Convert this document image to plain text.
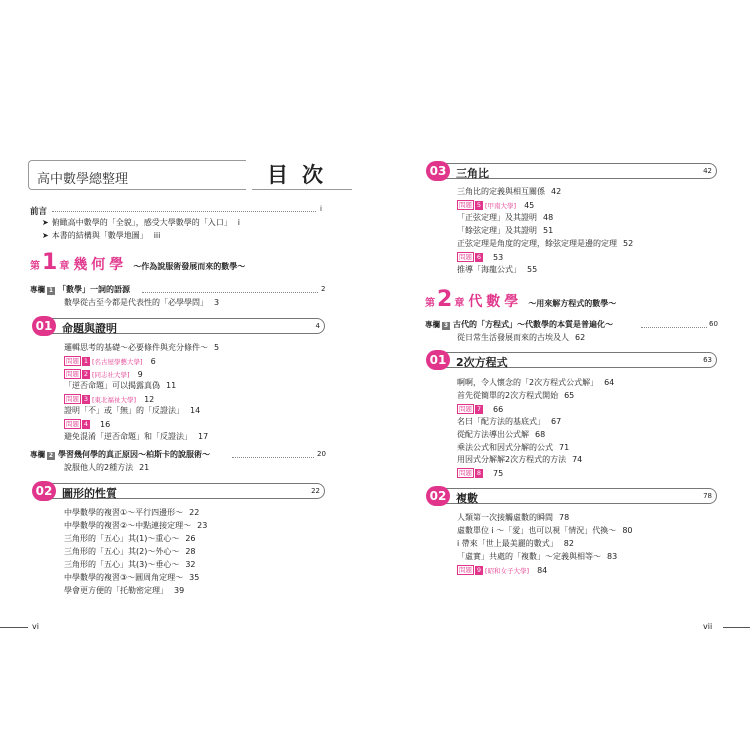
高中數學總整理	目次
前言	i
➤ 俯瞰高中數學的「全貌」，感受大學數學的「入口」 i
➤ 本書的結構與「數學地圖」 iii
第1 章 幾何學 ～作為說服術發展而來的數學～
專欄 1 「數學」一詞的語源	2
數學從古至今都是代表性的「必學學問」 3
01 命題與證明	4
邏輯思考的基礎～必要條件與充分條件～ 5
問題 1 [名古屋學藝大學] 6
問題 2 [同志社大學] 9
「逆否命題」可以揭露真偽 11
問題 3 [東北福祉大學] 12
證明「不」或「無」的「反證法」 14
問題 4 16
避免混淆「逆否命題」和「反證法」 17
專欄 2 學習幾何學的真正原因～柏斯卡的說服術～	20
說服他人的2種方法 21
02 圖形的性質	22
中學數學的複習①～平行四邊形～ 22
中學數學的複習②～中點連接定理～ 23
三角形的「五心」其(1)～重心～ 26
三角形的「五心」其(2)～外心～ 28
三角形的「五心」其(3)～垂心～ 32
中學數學的複習③～圓周角定理～ 35
學會更方便的「托勒密定理」 39
vi
03 三角比	42
三角比的定義與相互關係 42
問題 5 [甲南大學] 45
「正弦定理」及其證明 48
「餘弦定理」及其證明 51
正弦定理是角度的定理，餘弦定理是邊的定理 52
問題 6 53
推導「海龍公式」 55
第2 章 代數學 ～用來解方程式的數學～
專欄 3 古代的「方程式」～代數學的本質是普遍化～	60
從日常生活發展而來的古埃及人 62
01 2次方程式	63
啊啊，令人懷念的「2次方程式公式解」 64
首先從簡單的2次方程式開始 65
問題 7 66
名曰「配方法的基底式」 67
從配方法導出公式解 68
乘法公式和因式分解的公式 71
用因式分解解2次方程式的方法 74
問題 8 75
02 複數	78
人類第一次接觸虛數的瞬間 78
虛數單位 i ～「愛」也可以視「情況」代換～ 80
i 帶來「世上最美麗的數式」 82
「虛實」共處的「複數」～定義與相等～ 83
問題 9 [昭和女子大學] 84
vii
